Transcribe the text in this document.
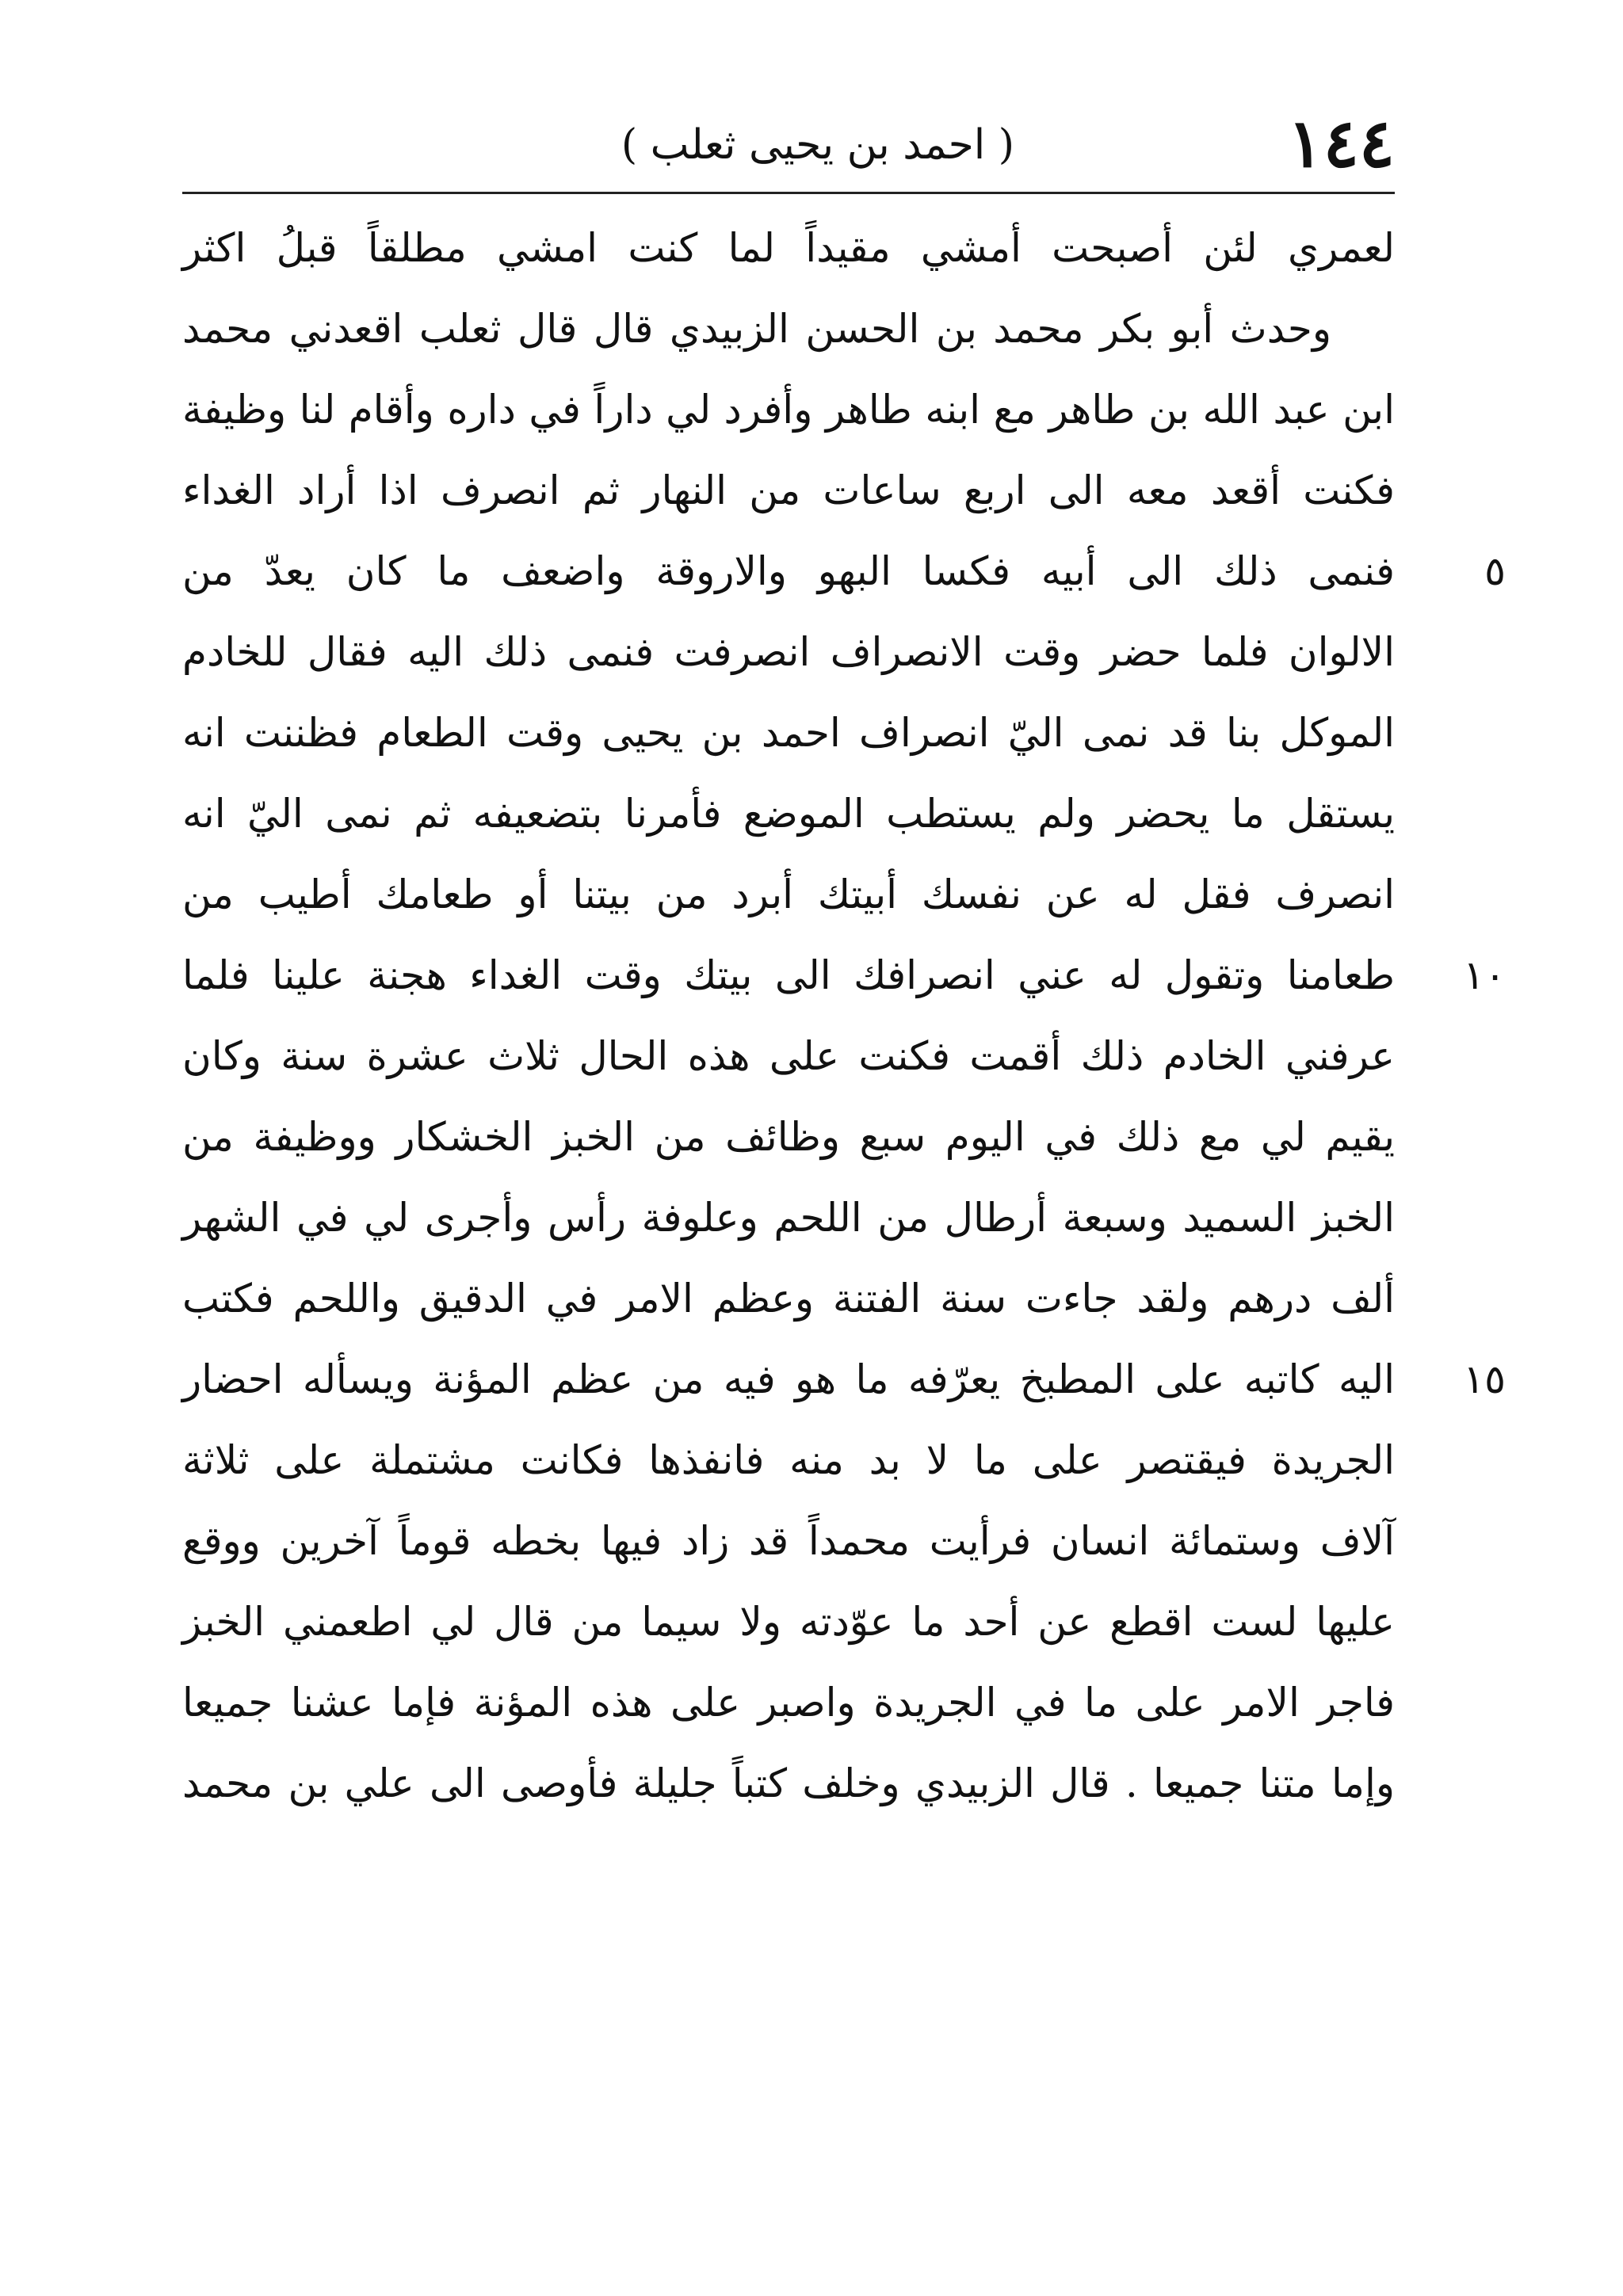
١٤٤
( احمد بن يحيى ثعلب )
لعمري لئن أصبحت أمشي مقيداً لما كنت امشي مطلقاً قبلُ اكثر
وحدث أبو بكر محمد بن الحسن الزبيدي قال قال ثعلب اقعدني محمد
ابن عبد الله بن طاهر مع ابنه طاهر وأفرد لي داراً في داره وأقام لنا وظيفة
فكنت أقعد معه الى اربع ساعات من النهار ثم انصرف اذا أراد الغداء
فنمى ذلك الى أبيه فكسا البهو والاروقة واضعف ما كان يعدّ من
الالوان فلما حضر وقت الانصراف انصرفت فنمى ذلك اليه فقال للخادم
الموكل بنا قد نمى اليّ انصراف احمد بن يحيى وقت الطعام فظننت انه
يستقل ما يحضر ولم يستطب الموضع فأمرنا بتضعيفه ثم نمى اليّ انه
انصرف فقل له عن نفسك أبيتك أبرد من بيتنا أو طعامك أطيب من
طعامنا وتقول له عني انصرافك الى بيتك وقت الغداء هجنة علينا فلما
عرفني الخادم ذلك أقمت فكنت على هذه الحال ثلاث عشرة سنة وكان
يقيم لي مع ذلك في اليوم سبع وظائف من الخبز الخشكار ووظيفة من
الخبز السميد وسبعة أرطال من اللحم وعلوفة رأس وأجرى لي في الشهر
ألف درهم ولقد جاءت سنة الفتنة وعظم الامر في الدقيق واللحم فكتب
اليه كاتبه على المطبخ يعرّفه ما هو فيه من عظم المؤنة ويسأله احضار
الجريدة فيقتصر على ما لا بد منه فانفذها فكانت مشتملة على ثلاثة
آلاف وستمائة انسان فرأيت محمداً قد زاد فيها بخطه قوماً آخرين ووقع
عليها لست اقطع عن أحد ما عوّدته ولا سيما من قال لي اطعمني الخبز
فاجر الامر على ما في الجريدة واصبر على هذه المؤنة فإما عشنا جميعا
وإما متنا جميعا . قال الزبيدي وخلف كتباً جليلة فأوصى الى علي بن محمد
٥
١٠
١٥
